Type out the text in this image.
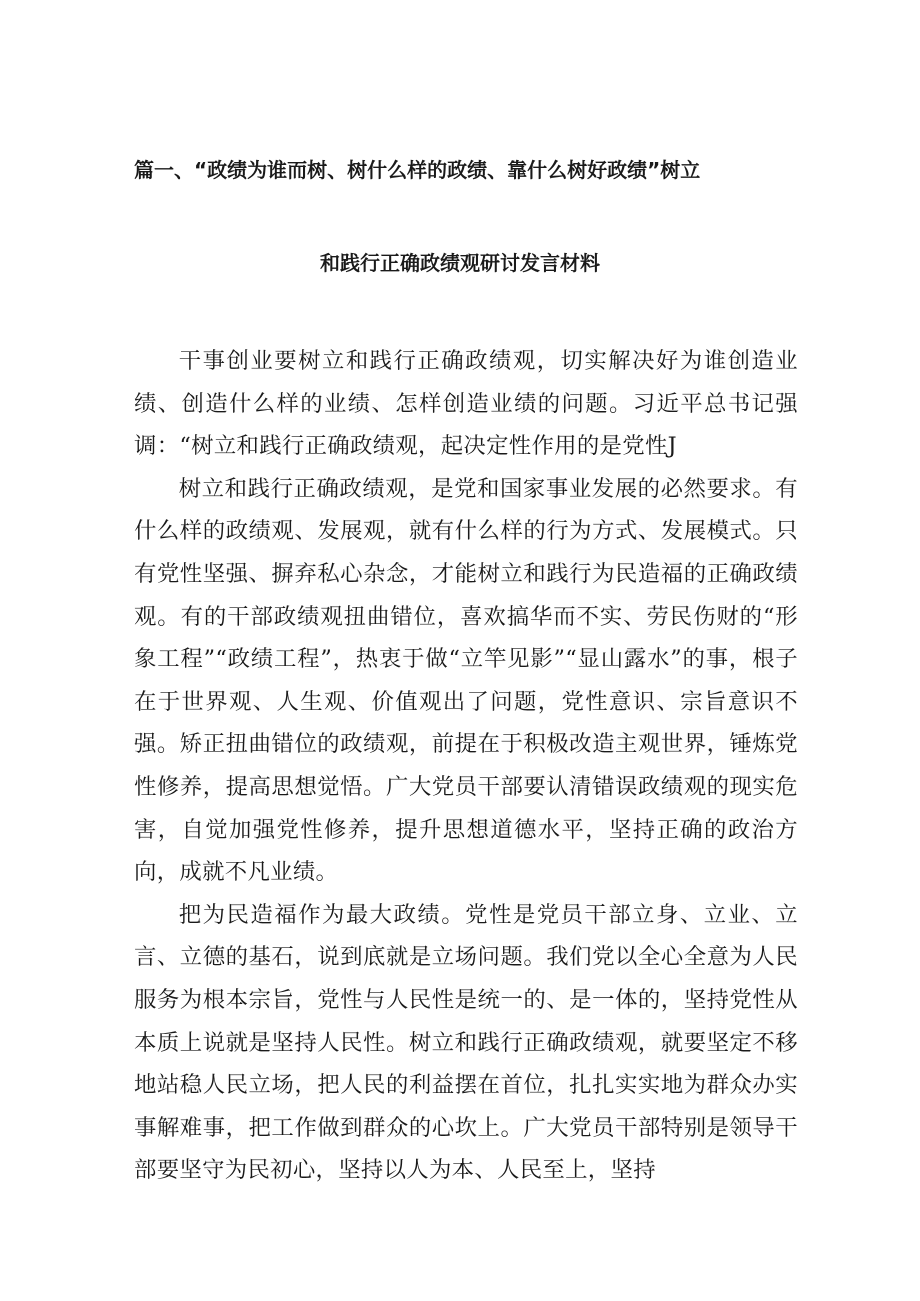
篇一、“政绩为谁而树、树什么样的政绩、靠什么树好政绩”树立
和践行正确政绩观研讨发言材料

干事创业要树立和践行正确政绩观，切实解决好为谁创造业绩、创造什么样的业绩、怎样创造业绩的问题。习近平总书记强调：“树立和践行正确政绩观，起决定性作用的是党性J

树立和践行正确政绩观，是党和国家事业发展的必然要求。有什么样的政绩观、发展观，就有什么样的行为方式、发展模式。只有党性坚强、摒弃私心杂念，才能树立和践行为民造福的正确政绩观。有的干部政绩观扭曲错位，喜欢搞华而不实、劳民伤财的“形象工程”“政绩工程”，热衷于做“立竿见影”“显山露水”的事，根子在于世界观、人生观、价值观出了问题，党性意识、宗旨意识不强。矫正扭曲错位的政绩观，前提在于积极改造主观世界，锤炼党性修养，提高思想觉悟。广大党员干部要认清错误政绩观的现实危害，自觉加强党性修养，提升思想道德水平，坚持正确的政治方向，成就不凡业绩。

把为民造福作为最大政绩。党性是党员干部立身、立业、立言、立德的基石，说到底就是立场问题。我们党以全心全意为人民服务为根本宗旨，党性与人民性是统一的、是一体的，坚持党性从本质上说就是坚持人民性。树立和践行正确政绩观，就要坚定不移地站稳人民立场，把人民的利益摆在首位，扎扎实实地为群众办实事解难事，把工作做到群众的心坎上。广大党员干部特别是领导干部要坚守为民初心，坚持以人为本、人民至上，坚持
